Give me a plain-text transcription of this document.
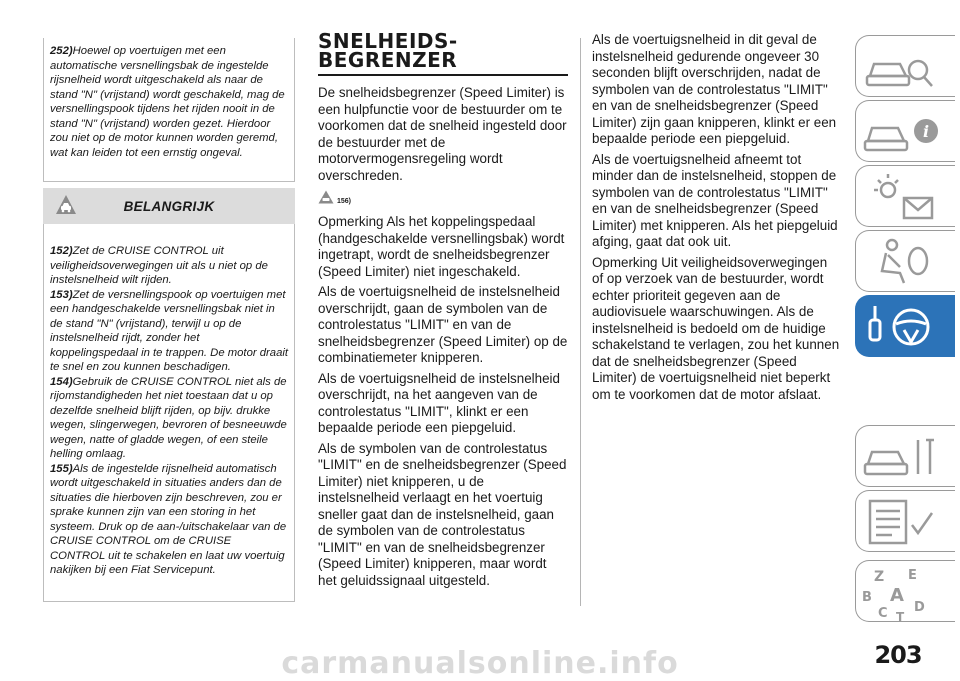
252)Hoewel op voertuigen met een automatische versnellingsbak de ingestelde rijsnelheid wordt uitgeschakeld als naar de stand "N" (vrijstand) wordt geschakeld, mag de versnellingspook tijdens het rijden nooit in de stand "N" (vrijstand) worden gezet. Hierdoor zou niet op de motor kunnen worden geremd, wat kan leiden tot een ernstig ongeval.

BELANGRIJK

152)Zet de CRUISE CONTROL uit veiligheidsoverwegingen uit als u niet op de instelsnelheid wilt rijden.

153)Zet de versnellingspook op voertuigen met een handgeschakelde versnellingsbak niet in de stand "N" (vrijstand), terwijl u op de instelsnelheid rijdt, zonder het koppelingspedaal in te trappen. De motor draait te snel en zou kunnen beschadigen.

154)Gebruik de CRUISE CONTROL niet als de rijomstandigheden het niet toestaan dat u op dezelfde snelheid blijft rijden, op bijv. drukke wegen, slingerwegen, bevroren of besneeuwde wegen, natte of gladde wegen, of een steile helling omlaag.

155)Als de ingestelde rijsnelheid automatisch wordt uitgeschakeld in situaties anders dan de situaties die hierboven zijn beschreven, zou er sprake kunnen zijn van een storing in het systeem. Druk op de aan-/uitschakelaar van de CRUISE CONTROL om de CRUISE CONTROL uit te schakelen en laat uw voertuig nakijken bij een Fiat Servicepunt.

SNELHEIDS-
BEGRENZER

De snelheidsbegrenzer (Speed Limiter) is een hulpfunctie voor de bestuurder om te voorkomen dat de snelheid ingesteld door de bestuurder met de motorvermogensregeling wordt overschreden.

156)

Opmerking Als het koppelingspedaal (handgeschakelde versnellingsbak) wordt ingetrapt, wordt de snelheidsbegrenzer (Speed Limiter) niet ingeschakeld.

Als de voertuigsnelheid de instelsnelheid overschrijdt, gaan de symbolen van de controlestatus "LIMIT" en van de snelheidsbegrenzer (Speed Limiter) op de combinatiemeter knipperen.

Als de voertuigsnelheid de instelsnelheid overschrijdt, na het aangeven van de controlestatus "LIMIT", klinkt er een bepaalde periode een piepgeluid.

Als de symbolen van de controlestatus "LIMIT" en de snelheidsbegrenzer (Speed Limiter) niet knipperen, u de instelsnelheid verlaagt en het voertuig sneller gaat dan de instelsnelheid, gaan de symbolen van de controlestatus "LIMIT" en van de snelheidsbegrenzer (Speed Limiter) knipperen, maar wordt het geluidssignaal uitgesteld.

Als de voertuigsnelheid in dit geval de instelsnelheid gedurende ongeveer 30 seconden blijft overschrijden, nadat de symbolen van de controlestatus "LIMIT" en van de snelheidsbegrenzer (Speed Limiter) zijn gaan knipperen, klinkt er een bepaalde periode een piepgeluid.

Als de voertuigsnelheid afneemt tot minder dan de instelsnelheid, stoppen de symbolen van de controlestatus "LIMIT" en van de snelheidsbegrenzer (Speed Limiter) met knipperen. Als het piepgeluid afging, gaat dat ook uit.

Opmerking Uit veiligheidsoverwegingen of op verzoek van de bestuurder, wordt echter prioriteit gegeven aan de audiovisuele waarschuwingen. Als de instelsnelheid is bedoeld om de huidige schakelstand te verlagen, zou het kunnen dat de snelheidsbegrenzer (Speed Limiter) de voertuigsnelheid niet beperkt om te voorkomen dat de motor afslaat.

i
Z E
B A
C D
T
203
carmanualsonline.info
